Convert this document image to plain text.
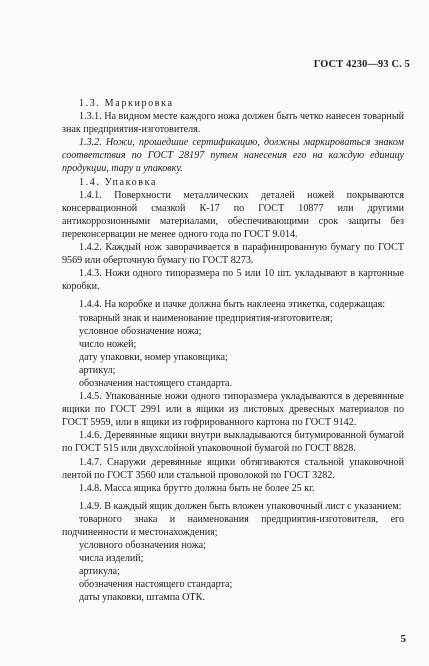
ГОСТ 4230—93 С. 5

1.3. Маркировка

1.3.1. На видном месте каждого ножа должен быть четко нанесен товарный знак предприятия-изготовителя.

1.3.2. Ножи, прошедшие сертификацию, должны маркироваться знаком соответствия по ГОСТ 28197 путем нанесения его на каждую единицу продукции, тару и упаковку.

1.4. Упаковка

1.4.1. Поверхности металлических деталей ножей покрываются консервационной смазкой К-17 по ГОСТ 10877 или другими антикоррозионными материалами, обеспечивающими срок защиты без переконсервации не менее одного года по ГОСТ 9.014.

1.4.2. Каждый нож заворачивается в парафинированную бумагу по ГОСТ 9569 или оберточную бумагу по ГОСТ 8273.

1.4.3. Ножи одного типоразмера по 5 или 10 шт. укладывают в картонные коробки.

1.4.4. На коробке и пачке должна быть наклеена этикетка, содержащая:

товарный знак и наименование предприятия-изготовителя;

условное обозначение ножа;

число ножей;

дату упаковки, номер упаковщика;

артикул;

обозначения настоящего стандарта.

1.4.5. Упакованные ножи одного типоразмера укладываются в деревянные ящики по ГОСТ 2991 или в ящики из листовых древесных материалов по ГОСТ 5959, или в ящики из гофрированного картона по ГОСТ 9142.

1.4.6. Деревянные ящики внутри выкладываются битумированной бумагой по ГОСТ 515 или двухслойной упаковочной бумагой по ГОСТ 8828.

1.4.7. Снаружи деревянные ящики обтягиваются стальной упаковочной лентой по ГОСТ 3560 или стальной проволокой по ГОСТ 3282.

1.4.8. Масса ящика брутто должна быть не более 25 кг.

1.4.9. В каждый ящик должен быть вложен упаковочный лист с указанием:

товарного знака и наименования предприятия-изготовителя, его подчиненности и местонахождения;

условного обозначения ножа;

числа изделий;

артикула;

обозначения настоящего стандарта;

даты упаковки, штампа ОТК.

5
